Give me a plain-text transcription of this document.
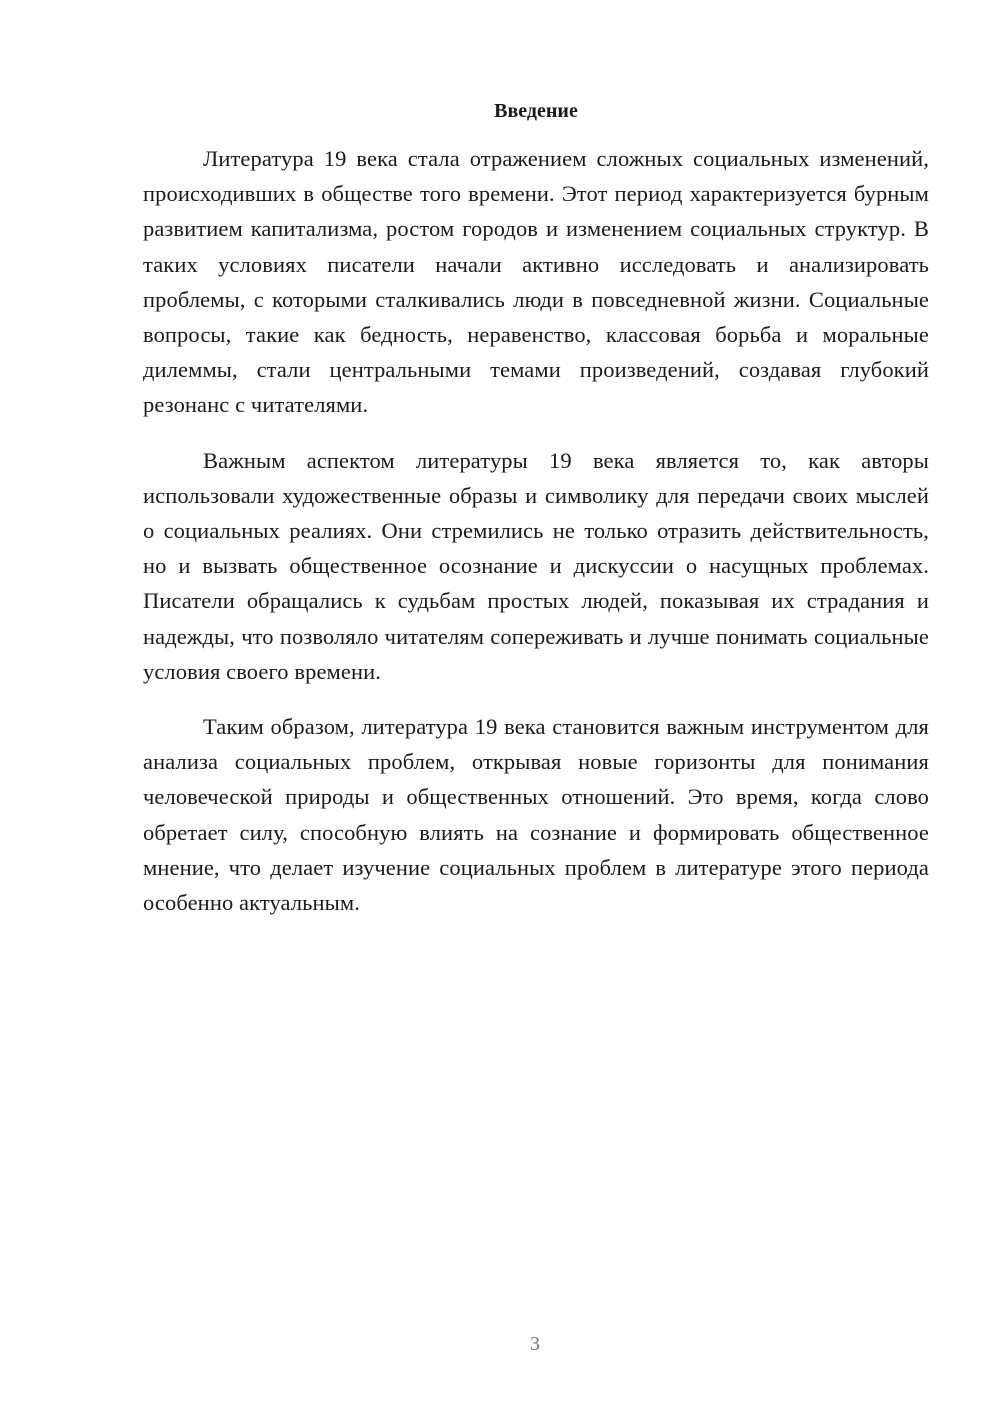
Введение

Литература 19 века стала отражением сложных социальных изменений, происходивших в обществе того времени. Этот период характеризуется бурным развитием капитализма, ростом городов и изменением социальных структур. В таких условиях писатели начали активно исследовать и анализировать проблемы, с которыми сталкивались люди в повседневной жизни. Социальные вопросы, такие как бедность, неравенство, классовая борьба и моральные дилеммы, стали центральными темами произведений, создавая глубокий резонанс с читателями.

Важным аспектом литературы 19 века является то, как авторы использовали художественные образы и символику для передачи своих мыслей о социальных реалиях. Они стремились не только отразить действительность, но и вызвать общественное осознание и дискуссии о насущных проблемах. Писатели обращались к судьбам простых людей, показывая их страдания и надежды, что позволяло читателям сопереживать и лучше понимать социальные условия своего времени.

Таким образом, литература 19 века становится важным инструментом для анализа социальных проблем, открывая новые горизонты для понимания человеческой природы и общественных отношений. Это время, когда слово обретает силу, способную влиять на сознание и формировать общественное мнение, что делает изучение социальных проблем в литературе этого периода особенно актуальным.

3
